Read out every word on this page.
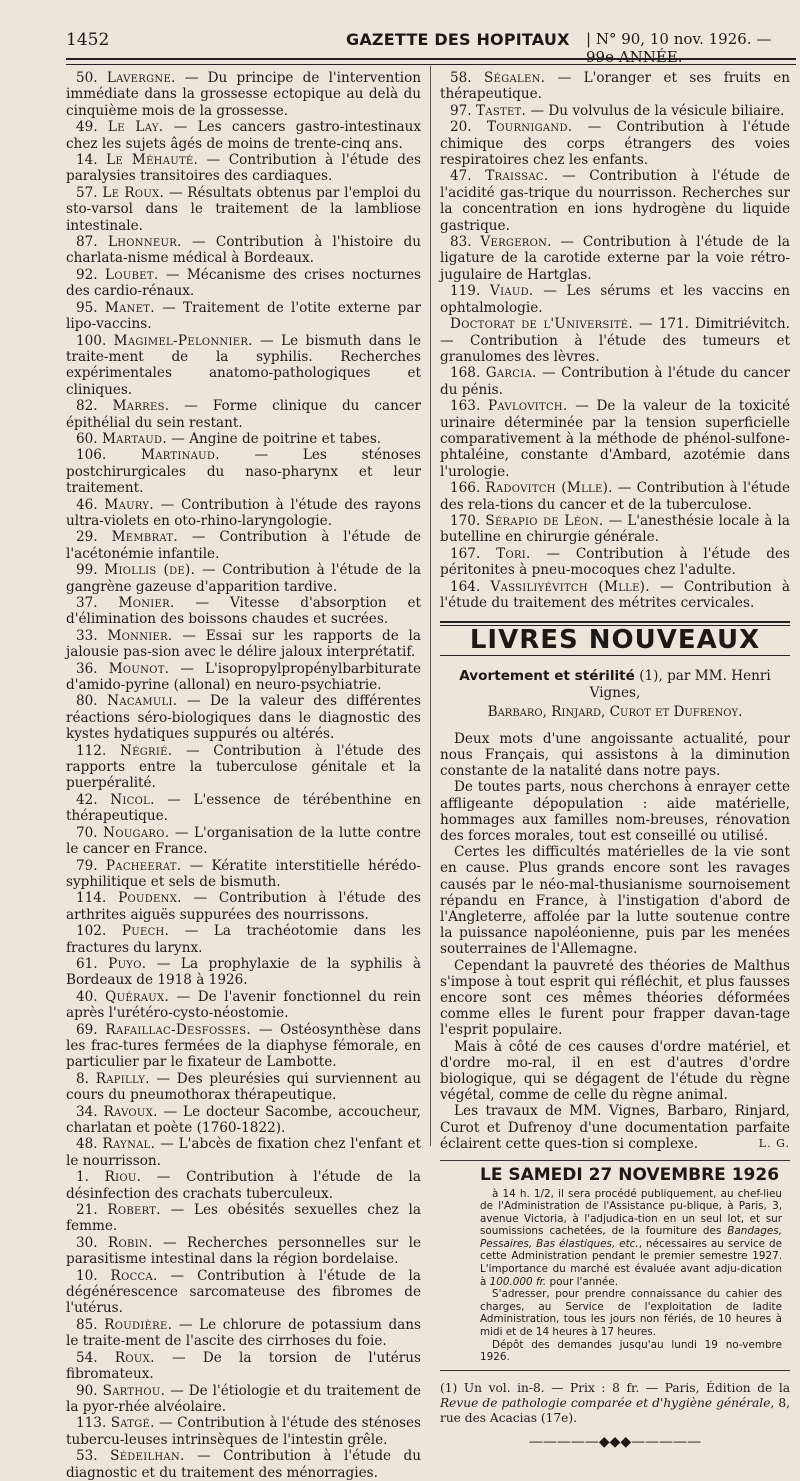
1452	GAZETTE DES HOPITAUX | N° 90, 10 nov. 1926. — 99e ANNÉE.
50. Lavergne. — Du principe de l'intervention immédiate dans la grossesse ectopique au delà du cinquième mois de la grossesse.
49. Le Lay. — Les cancers gastro-intestinaux chez les sujets âgés de moins de trente-cinq ans.
14. Le Méhauté. — Contribution à l'étude des paralysies transitoires des cardiaques.
57. Le Roux. — Résultats obtenus par l'emploi du sto-varsol dans le traitement de la lambliose intestinale.
87. Lhonneur. — Contribution à l'histoire du charlata-nisme médical à Bordeaux.
92. Loubet. — Mécanisme des crises nocturnes des cardio-rénaux.
95. Manet. — Traitement de l'otite externe par lipo-vaccins.
100. Magimel-Pelonnier. — Le bismuth dans le traite-ment de la syphilis. Recherches expérimentales anatomo-pathologiques et cliniques.
82. Marres. — Forme clinique du cancer épithélial du sein restant.
60. Martaud. — Angine de poitrine et tabes.
106.	Martinaud. — Les sténoses postchirurgicales du naso-pharynx et leur traitement.
46. Maury. — Contribution à l'étude des rayons ultra-violets en oto-rhino-laryngologie.
29. Membrat. — Contribution à l'étude de l'acétonémie infantile.
99. Miollis (de). — Contribution à l'étude de la gangrène gazeuse d'apparition tardive.
37. Monier. — Vitesse d'absorption et d'élimination des boissons chaudes et sucrées.
33. Monnier. — Essai sur les rapports de la jalousie pas-sion avec le délire jaloux interprétatif.
36. Mounot. — L'isopropylpropénylbarbiturate d'amido-pyrine (allonal) en neuro-psychiatrie.
80. Nacamuli. — De la valeur des différentes réactions séro-biologiques dans le diagnostic des kystes hydatiques suppurés ou altérés.
112. Négrié. — Contribution à l'étude des rapports entre la tuberculose génitale et la puerpéralité.
42. Nicol. — L'essence de térébenthine en thérapeutique.
70. Nougaro. — L'organisation de la lutte contre le cancer en France.
79. Pacheerat. — Kératite interstitielle hérédo-syphilitique et sels de bismuth.
114. Poudenx. — Contribution à l'étude des arthrites aiguës suppurées des nourrissons.
102. Puech. — La trachéotomie dans les fractures du larynx.
61. Puyo. — La prophylaxie de la syphilis à Bordeaux de 1918 à 1926.
40. Quéraux. — De l'avenir fonctionnel du rein après l'urétéro-cysto-néostomie.
69. Rafaillac-Desfosses. — Ostéosynthèse dans les frac-tures fermées de la diaphyse fémorale, en particulier par le fixateur de Lambotte.
8. Rapilly. — Des pleurésies qui surviennent au cours du pneumothorax thérapeutique.
34. Ravoux. — Le docteur Sacombe, accoucheur, charlatan et poète (1760-1822).
48. Raynal. — L'abcès de fixation chez l'enfant et le nourrisson.
1. Riou. — Contribution à l'étude de la désinfection des crachats tuberculeux.
21. Robert. — Les obésités sexuelles chez la femme.
30. Robin. — Recherches personnelles sur le parasitisme intestinal dans la région bordelaise.
10. Rocca. — Contribution à l'étude de la dégénérescence sarcomateuse des fibromes de l'utérus.
85. Roudière. — Le chlorure de potassium dans le traite-ment de l'ascite des cirrhoses du foie.
54. Roux. — De la torsion de l'utérus fibromateux.
90. Sarthou. — De l'étiologie et du traitement de la pyor-rhée alvéolaire.
113. Satgé. — Contribution à l'étude des sténoses tubercu-leuses intrinsèques de l'intestin grêle.
53. Sédeilhan. — Contribution à l'étude du diagnostic et du traitement des ménorragies.
58. Ségalen. — L'oranger et ses fruits en thérapeutique.
97. Tastet. — Du volvulus de la vésicule biliaire.
20. Tournigand. — Contribution à l'étude chimique des corps étrangers des voies respiratoires chez les enfants.
47. Traissac. — Contribution à l'étude de l'acidité gas-trique du nourrisson. Recherches sur la concentration en ions hydrogène du liquide gastrique.
83. Vergeron. — Contribution à l'étude de la ligature de la carotide externe par la voie rétro-jugulaire de Hartglas.
119. Viaud. — Les sérums et les vaccins en ophtalmologie.
Doctorat de l'Université. — 171. Dimitriévitch. — Contribution à l'étude des tumeurs et granulomes des lèvres.
168. Garcia. — Contribution à l'étude du cancer du pénis.
163. Pavlovitch. — De la valeur de la toxicité urinaire déterminée par la tension superficielle comparativement à la méthode de phénol-sulfone-phtaléine, constante d'Ambard, azotémie dans l'urologie.
166. Radovitch (Mlle). — Contribution à l'étude des rela-tions du cancer et de la tuberculose.
170. Sérapio de Léon. — L'anesthésie locale à la butelline en chirurgie générale.
167. Tori. — Contribution à l'étude des péritonites à pneu-mocoques chez l'adulte.
164. Vassiliyévitch (Mlle). — Contribution à l'étude du traitement des métrites cervicales.
LIVRES NOUVEAUX
Avortement et stérilité (1), par MM. Henri Vignes,
Barbaro, Rinjard, Curot et Dufrenoy.

Deux mots d'une angoissante actualité, pour nous Français, qui assistons à la diminution constante de la natalité dans notre pays.

De toutes parts, nous cherchons à enrayer cette affligeante dépopulation : aide matérielle, hommages aux familles nom-breuses, rénovation des forces morales, tout est conseillé ou utilisé.

Certes les difficultés matérielles de la vie sont en cause. Plus grands encore sont les ravages causés par le néo-mal-thusianisme sournoisement répandu en France, à l'instigation d'abord de l'Angleterre, affolée par la lutte soutenue contre la puissance napoléonienne, puis par les menées souterraines de l'Allemagne.

Cependant la pauvreté des théories de Malthus s'impose à tout esprit qui réfléchit, et plus fausses encore sont ces mêmes théories déformées comme elles le furent pour frapper davan-tage l'esprit populaire.

Mais à côté de ces causes d'ordre matériel, et d'ordre mo-ral, il en est d'autres d'ordre biologique, qui se dégagent de l'étude du règne végétal, comme de celle du règne animal.

Les travaux de MM. Vignes, Barbaro, Rinjard, Curot et Dufrenoy d'une documentation parfaite éclairent cette ques-tion si complexe.	L. G.

LE SAMEDI 27 NOVEMBRE 1926

à 14 h. 1/2, il sera procédé publiquement, au chef-lieu de l'Administration de l'Assistance pu-blique, à Paris, 3, avenue Victoria, à l'adjudica-tion en un seul lot, et sur soumissions cachetées, de la fourniture des Bandages, Pessaires, Bas élastiques, etc., nécessaires au service de cette Administration pendant le premier semestre 1927. L'importance du marché est évaluée avant adju-dication à 100.000 fr. pour l'année.

S'adresser, pour prendre connaissance du cahier des charges, au Service de l'exploitation de ladite Administration, tous les jours non fériés, de 10 heures à midi et de 14 heures à 17 heures.

Dépôt des demandes jusqu'au lundi 19 no-vembre 1926.

(1) Un vol. in-8. — Prix : 8 fr. — Paris, Édition de la Revue de pathologie comparée et d'hygiène générale, 8, rue des Acacias (17e).
—————◆◆◆—————
